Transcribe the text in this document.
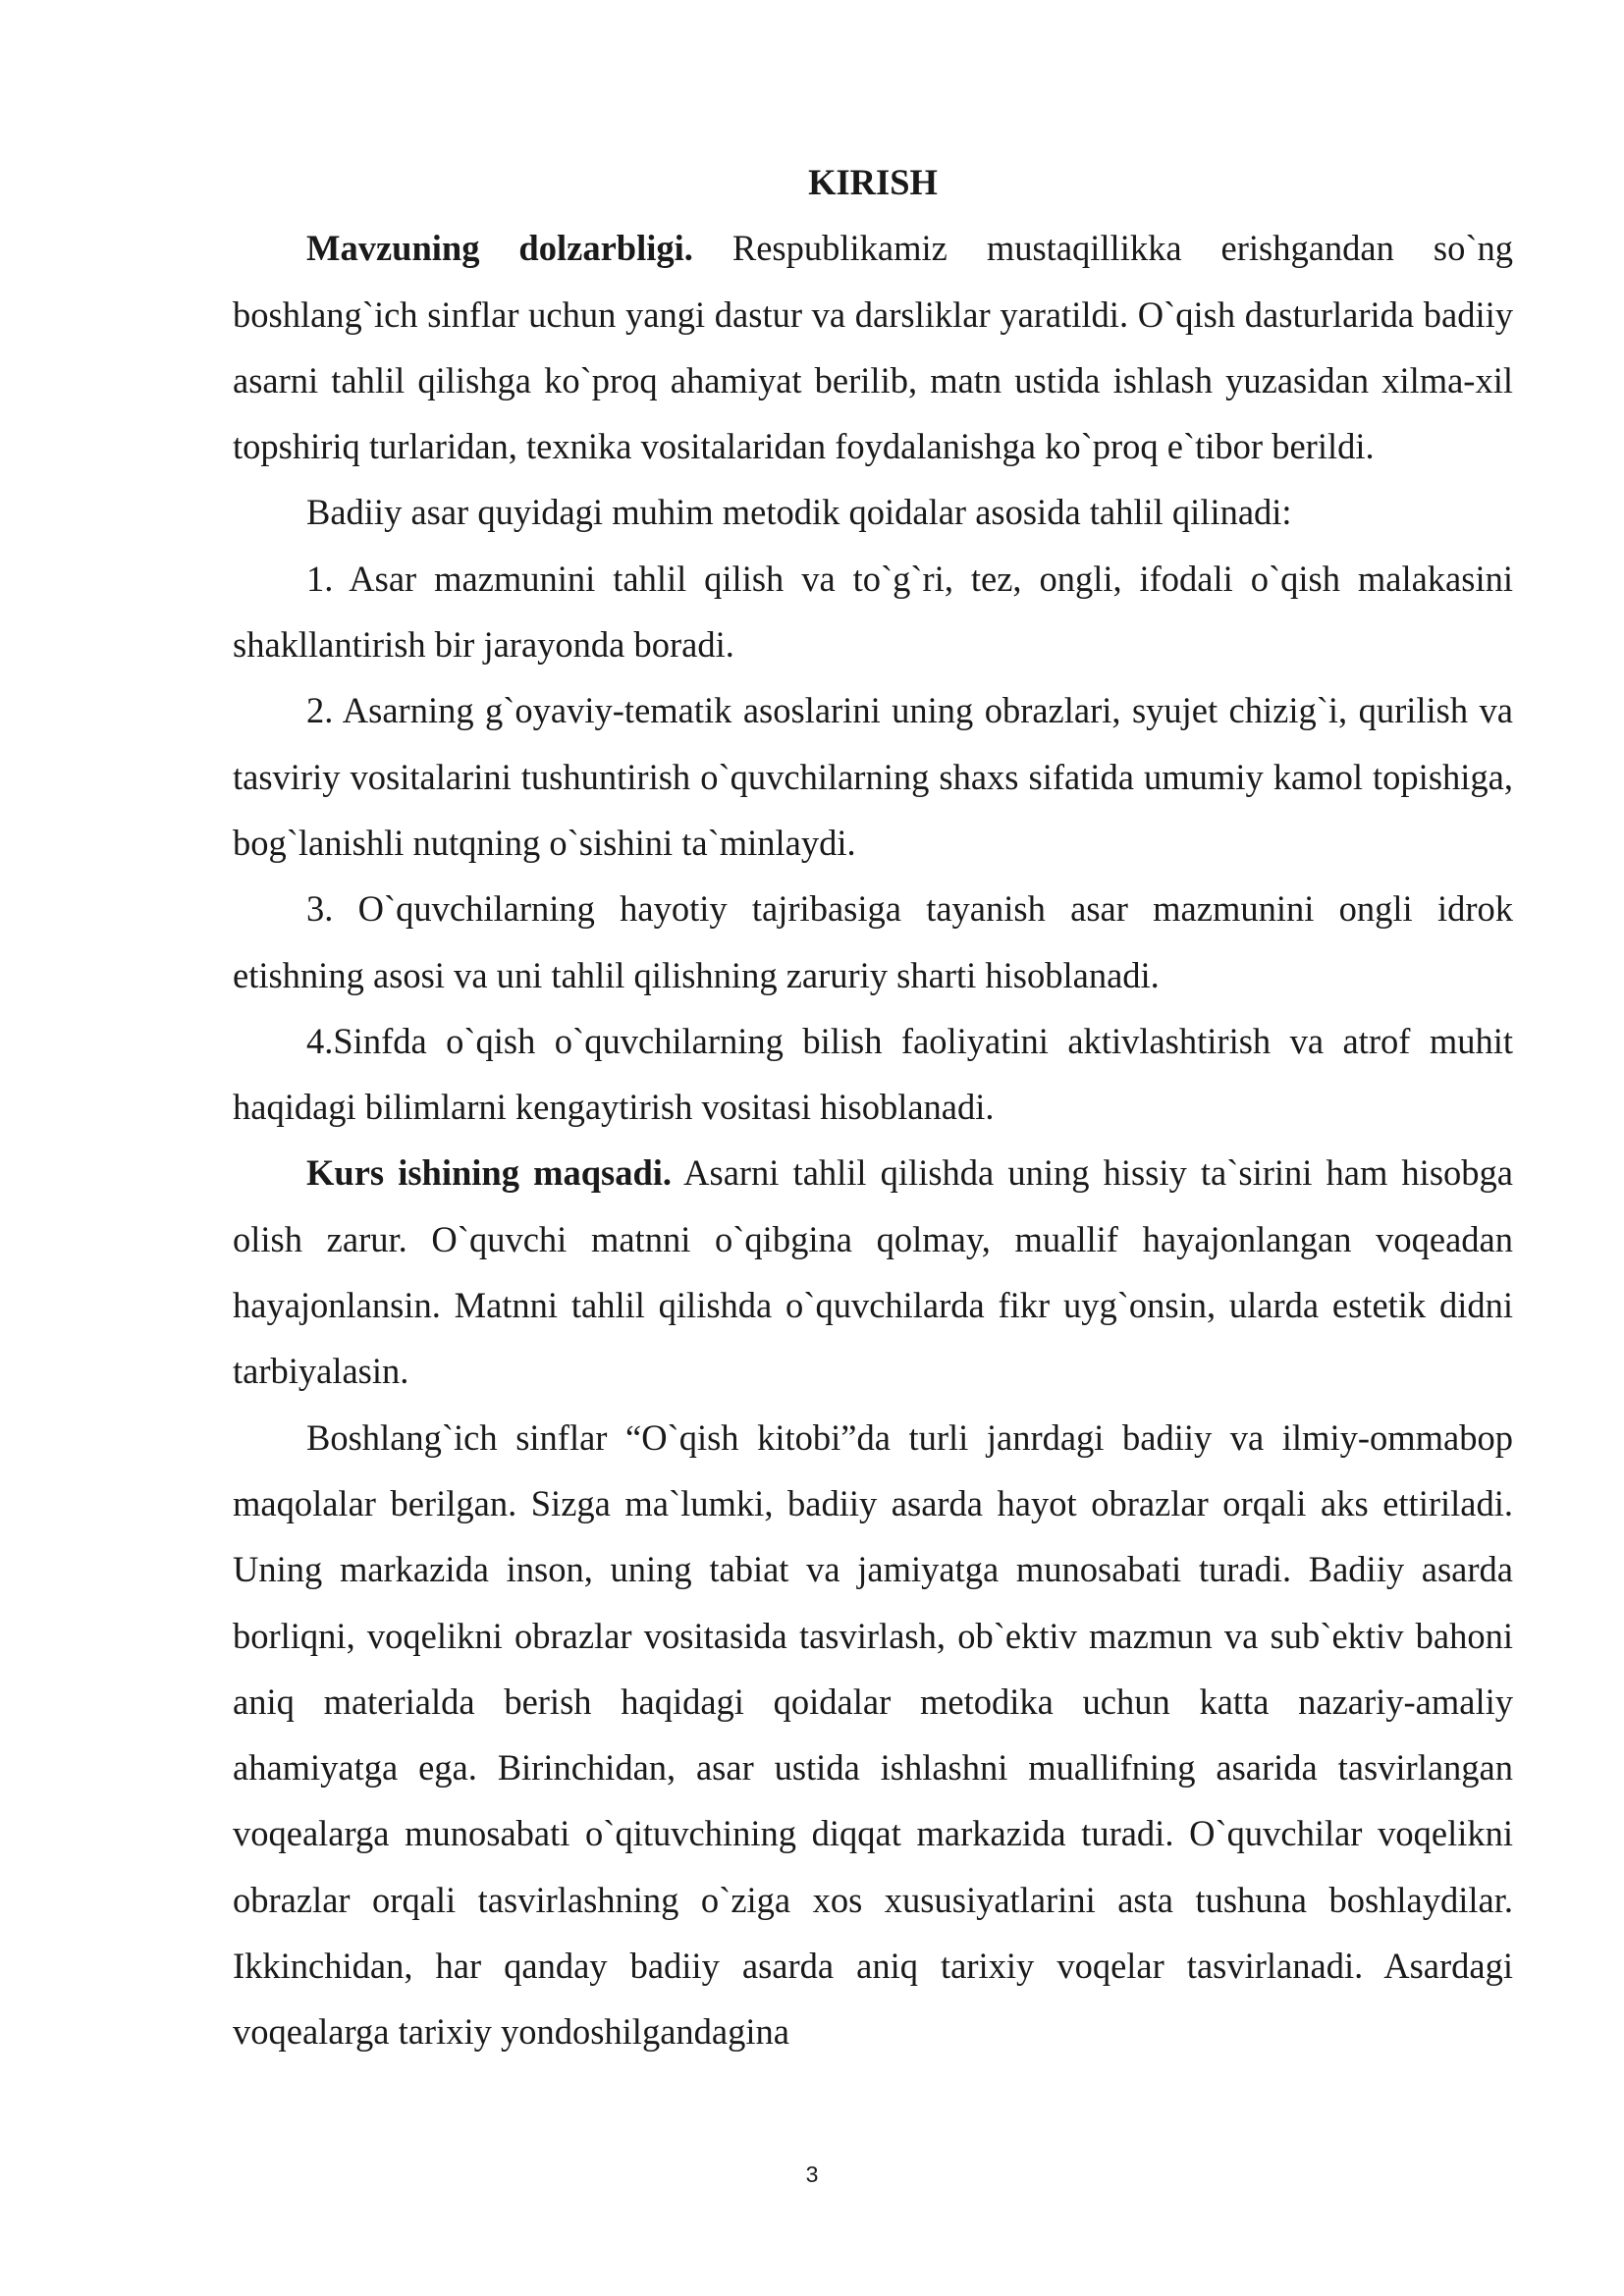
KIRISH

Mavzuning dolzarbligi. Respublikamiz mustaqillikka erishgandan so`ng boshlang`ich sinflar uchun yangi dastur va darsliklar yaratildi. O`qish dasturlarida badiiy asarni tahlil qilishga ko`proq ahamiyat berilib, matn ustida ishlash yuzasidan xilma-xil topshiriq turlaridan, texnika vositalaridan foydalanishga ko`proq e`tibor berildi.

Badiiy asar quyidagi muhim metodik qoidalar asosida tahlil qilinadi:

1. Asar mazmunini tahlil qilish va to`g`ri, tez, ongli, ifodali o`qish malakasini shakllantirish bir jarayonda boradi.

2. Asarning g`oyaviy-tematik asoslarini uning obrazlari, syujet chizig`i, qurilish va tasviriy vositalarini tushuntirish o`quvchilarning shaxs sifatida umumiy kamol topishiga, bog`lanishli nutqning o`sishini ta`minlaydi.

3. O`quvchilarning hayotiy tajribasiga tayanish asar mazmunini ongli idrok etishning asosi va uni tahlil qilishning zaruriy sharti hisoblanadi.

4.Sinfda o`qish o`quvchilarning bilish faoliyatini aktivlashtirish va atrof muhit haqidagi bilimlarni kengaytirish vositasi hisoblanadi.

Kurs ishining maqsadi. Asarni tahlil qilishda uning hissiy ta`sirini ham hisobga olish zarur. O`quvchi matnni o`qibgina qolmay, muallif hayajonlangan voqeadan hayajonlansin. Matnni tahlil qilishda o`quvchilarda fikr uyg`onsin, ularda estetik didni tarbiyalasin.

Boshlang`ich sinflar “O`qish kitobi”da turli janrdagi badiiy va ilmiy-ommabop maqolalar berilgan. Sizga ma`lumki, badiiy asarda hayot obrazlar orqali aks ettiriladi. Uning markazida inson, uning tabiat va jamiyatga munosabati turadi. Badiiy asarda borliqni, voqelikni obrazlar vositasida tasvirlash, ob`ektiv mazmun va sub`ektiv bahoni aniq materialda berish haqidagi qoidalar metodika uchun katta nazariy-amaliy ahamiyatga ega. Birinchidan, asar ustida ishlashni muallifning asarida tasvirlangan voqealarga munosabati o`qituvchining diqqat markazida turadi. O`quvchilar voqelikni obrazlar orqali tasvirlashning o`ziga xos xususiyatlarini asta tushuna boshlaydilar. Ikkinchidan, har qanday badiiy asarda aniq tarixiy voqelar tasvirlanadi. Asardagi voqealarga tarixiy yondoshilgandagina

3
